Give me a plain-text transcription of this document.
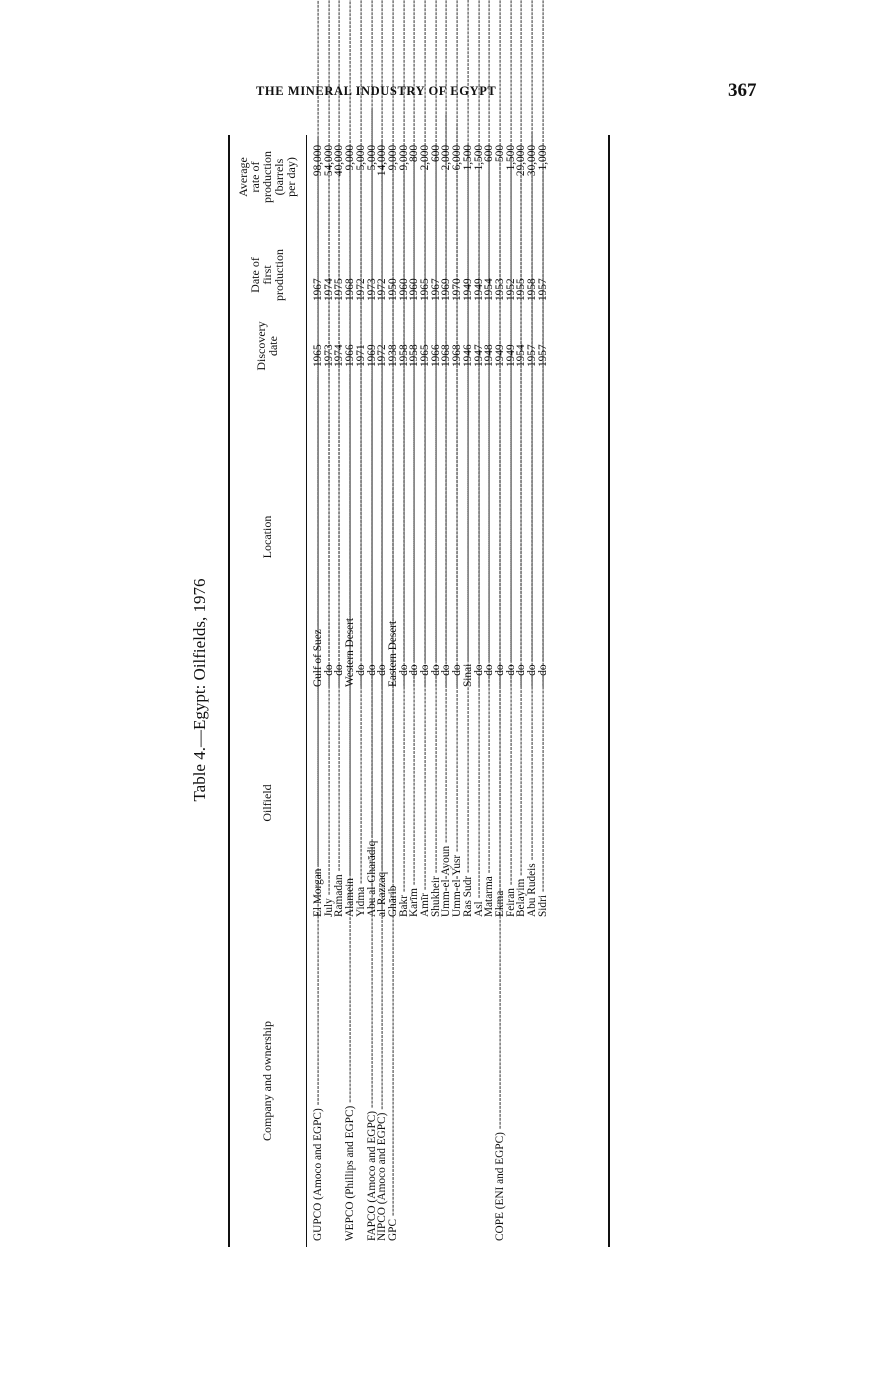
THE MINERAL INDUSTRY OF EGYPT	367
Table 4.—Egypt: Oilfields, 1976
Company and ownership
Oilfield
Location
Discovery
date
Date of
first
production
Average
rate of
production
(barrels
per day)
GUPCO (Amoco and EGPC) -----
El Morgan -----
Gulf of Suez -----
1965
1967
98,000
July -----
---do -----
1973
1974
54,000
Ramadan -----
---do -----
1974
1975
40,000
WEPCO (Phillips and EGPC) -----
Alamein -----
Western Desert -----
1966
1968
9,000
Yidma -----
---do -----
1971
1972
5,000
FAPCO (Amoco and EGPC) -----
Abu al-Gharādiq -----
---do -----
1969
1973
5,000
NIPCO (Amoco and EGPC) -----
al-Razzaq -----
---do -----
1972
1972
14,000
GPC -----
Ghārib -----
Eastern Desert -----
1938
1950
9,000
Bakr -----
---do -----
1958
1960
9,000
Karīm -----
---do -----
1958
1960
800
Amīr -----
---do -----
1965
1965
2,000
Shukheir -----
---do -----
1966
1967
600
Umm-el-Ayoun -----
---do -----
1968
1969
2,000
Umm-el-Yusr -----
---do -----
1968
1970
6,000
Ras Sudr -----
Sinai -----
1946
1949
1,500
Asl -----
---do -----
1947
1949
1,500
Matarma -----
---do -----
1948
1954
600
COPE (ENI and EGPC) -----
Ekma -----
---do -----
1949
1953
500
Feiran -----
---do -----
1949
1952
1,500
Belayim -----
---do -----
1954
1955
29,000
Abu Rudeis -----
---do -----
1957
1958
30,000
Sidri -----
---do -----
1957
1957
1,000
